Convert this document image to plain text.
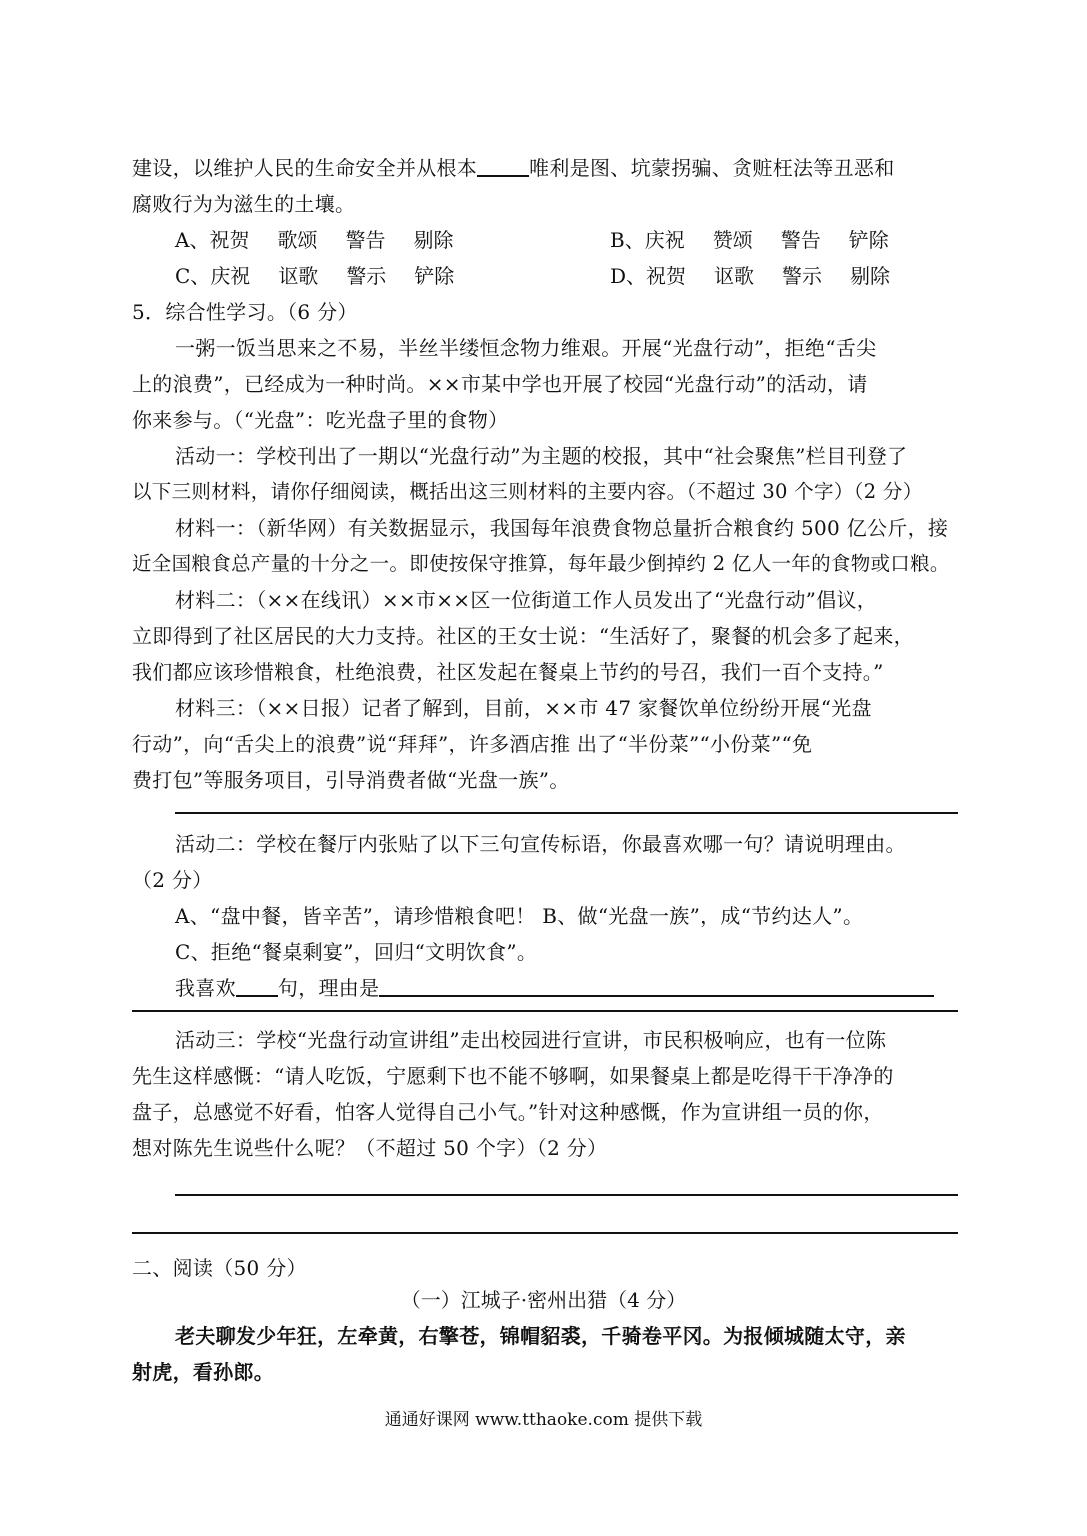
建设，以维护人民的生命安全并从根本	唯利是图、坑蒙拐骗、贪赃枉法等丑恶和
腐败行为为滋生的土壤。
A、祝贺 歌颂 警告 剔除	B、庆祝 赞颂 警告 铲除
C、庆祝 讴歌 警示 铲除	D、祝贺 讴歌 警示 剔除
5．综合性学习。（6 分）
一粥一饭当思来之不易，半丝半缕恒念物力维艰。开展“光盘行动”，拒绝“舌尖
上的浪费”，已经成为一种时尚。××市某中学也开展了校园“光盘行动”的活动，请
你来参与。（“光盘”：吃光盘子里的食物）
活动一：学校刊出了一期以“光盘行动”为主题的校报，其中“社会聚焦”栏目刊登了
以下三则材料，请你仔细阅读，概括出这三则材料的主要内容。（不超过 30 个字）（2 分）
材料一：（新华网）有关数据显示，我国每年浪费食物总量折合粮食约 500 亿公斤，接
近全国粮食总产量的十分之一。即使按保守推算，每年最少倒掉约 2 亿人一年的食物或口粮。
材料二：（××在线讯）××市××区一位街道工作人员发出了“光盘行动”倡议，
立即得到了社区居民的大力支持。社区的王女士说：“生活好了，聚餐的机会多了起来，
我们都应该珍惜粮食，杜绝浪费，社区发起在餐桌上节约的号召，我们一百个支持。”
材料三：（××日报）记者了解到，目前，××市 47 家餐饮单位纷纷开展“光盘
行动”，向“舌尖上的浪费”说“拜拜”，许多酒店推 出了“半份菜”“小份菜”“免
费打包”等服务项目，引导消费者做“光盘一族”。
活动二：学校在餐厅内张贴了以下三句宣传标语，你最喜欢哪一句？请说明理由。
（2 分）
A、“盘中餐，皆辛苦”，请珍惜粮食吧！ B、做“光盘一族”，成“节约达人”。
C、拒绝“餐桌剩宴”，回归“文明饮食”。
我喜欢 句，理由是
活动三：学校“光盘行动宣讲组”走出校园进行宣讲，市民积极响应，也有一位陈
先生这样感慨：“请人吃饭，宁愿剩下也不能不够啊，如果餐桌上都是吃得干干净净的
盘子，总感觉不好看，怕客人觉得自己小气。”针对这种感慨，作为宣讲组一员的你，
想对陈先生说些什么呢？（不超过 50 个字）（2 分）
二、阅读（50 分）
（一）江城子·密州出猎（4 分）
老夫聊发少年狂，左牵黄，右擎苍，锦帽貂裘，千骑卷平冈。为报倾城随太守，亲
射虎，看孙郎。
通通好课网 www.tthaoke.com 提供下载
